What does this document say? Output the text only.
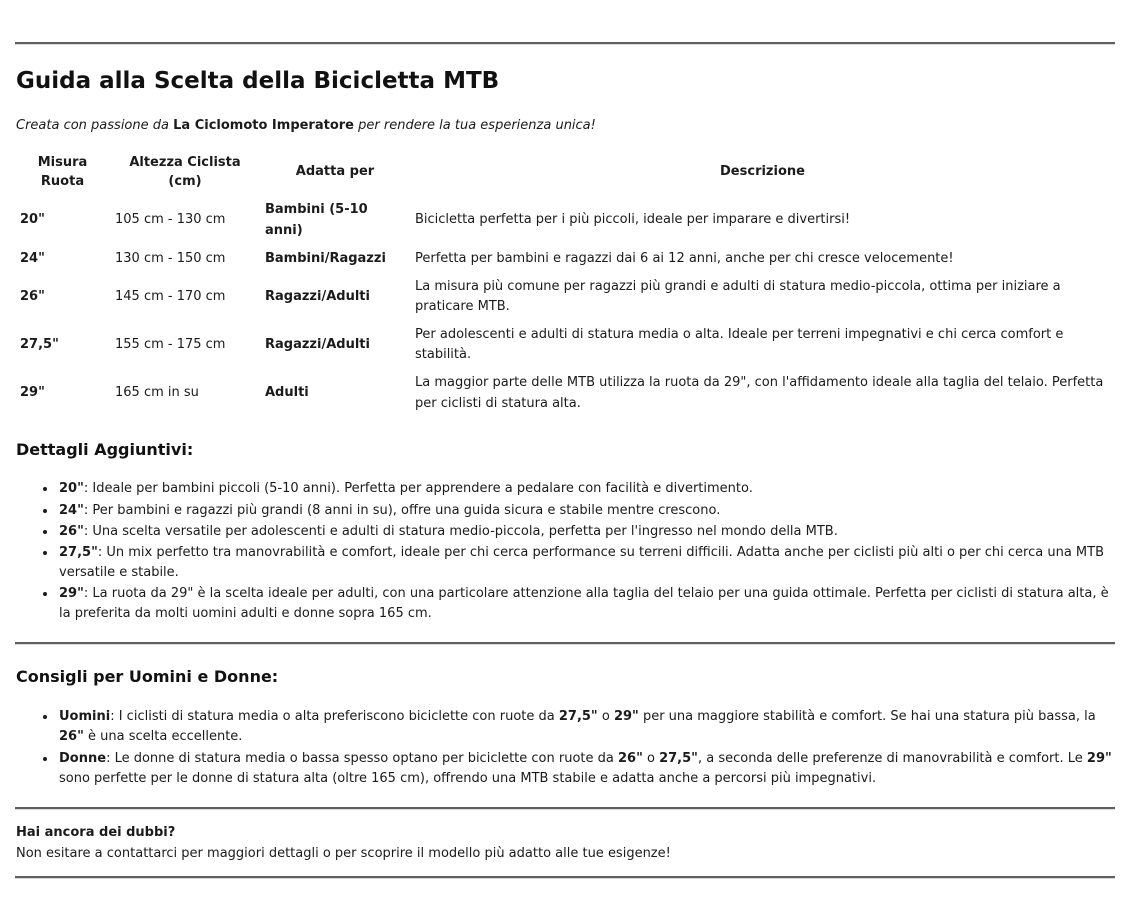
Guida alla Scelta della Bicicletta MTB

Creata con passione da La Ciclomoto Imperatore per rendere la tua esperienza unica!

Misura Ruota	Altezza Ciclista (cm)	Adatta per	Descrizione
20"	105 cm - 130 cm	Bambini (5-10 anni)	Bicicletta perfetta per i più piccoli, ideale per imparare e divertirsi!
24"	130 cm - 150 cm	Bambini/Ragazzi	Perfetta per bambini e ragazzi dai 6 ai 12 anni, anche per chi cresce velocemente!
26"	145 cm - 170 cm	Ragazzi/Adulti	La misura più comune per ragazzi più grandi e adulti di statura medio-piccola, ottima per iniziare a praticare MTB.
27,5"	155 cm - 175 cm	Ragazzi/Adulti	Per adolescenti e adulti di statura media o alta. Ideale per terreni impegnativi e chi cerca comfort e stabilità.
29"	165 cm in su	Adulti	La maggior parte delle MTB utilizza la ruota da 29", con l'affidamento ideale alla taglia del telaio. Perfetta per ciclisti di statura alta.
Dettagli Aggiuntivi:
• 20": Ideale per bambini piccoli (5-10 anni). Perfetta per apprendere a pedalare con facilità e divertimento.
• 24": Per bambini e ragazzi più grandi (8 anni in su), offre una guida sicura e stabile mentre crescono.
• 26": Una scelta versatile per adolescenti e adulti di statura medio-piccola, perfetta per l'ingresso nel mondo della MTB.
• 27,5": Un mix perfetto tra manovrabilità e comfort, ideale per chi cerca performance su terreni difficili. Adatta anche per ciclisti più alti o per chi cerca una MTB versatile e stabile.
• 29": La ruota da 29" è la scelta ideale per adulti, con una particolare attenzione alla taglia del telaio per una guida ottimale. Perfetta per ciclisti di statura alta, è la preferita da molti uomini adulti e donne sopra 165 cm.
Consigli per Uomini e Donne:
• Uomini: I ciclisti di statura media o alta preferiscono biciclette con ruote da 27,5" o 29" per una maggiore stabilità e comfort. Se hai una statura più bassa, la 26" è una scelta eccellente.
• Donne: Le donne di statura media o bassa spesso optano per biciclette con ruote da 26" o 27,5", a seconda delle preferenze di manovrabilità e comfort. Le 29" sono perfette per le donne di statura alta (oltre 165 cm), offrendo una MTB stabile e adatta anche a percorsi più impegnativi.

Hai ancora dei dubbi?

Non esitare a contattarci per maggiori dettagli o per scoprire il modello più adatto alle tue esigenze!
